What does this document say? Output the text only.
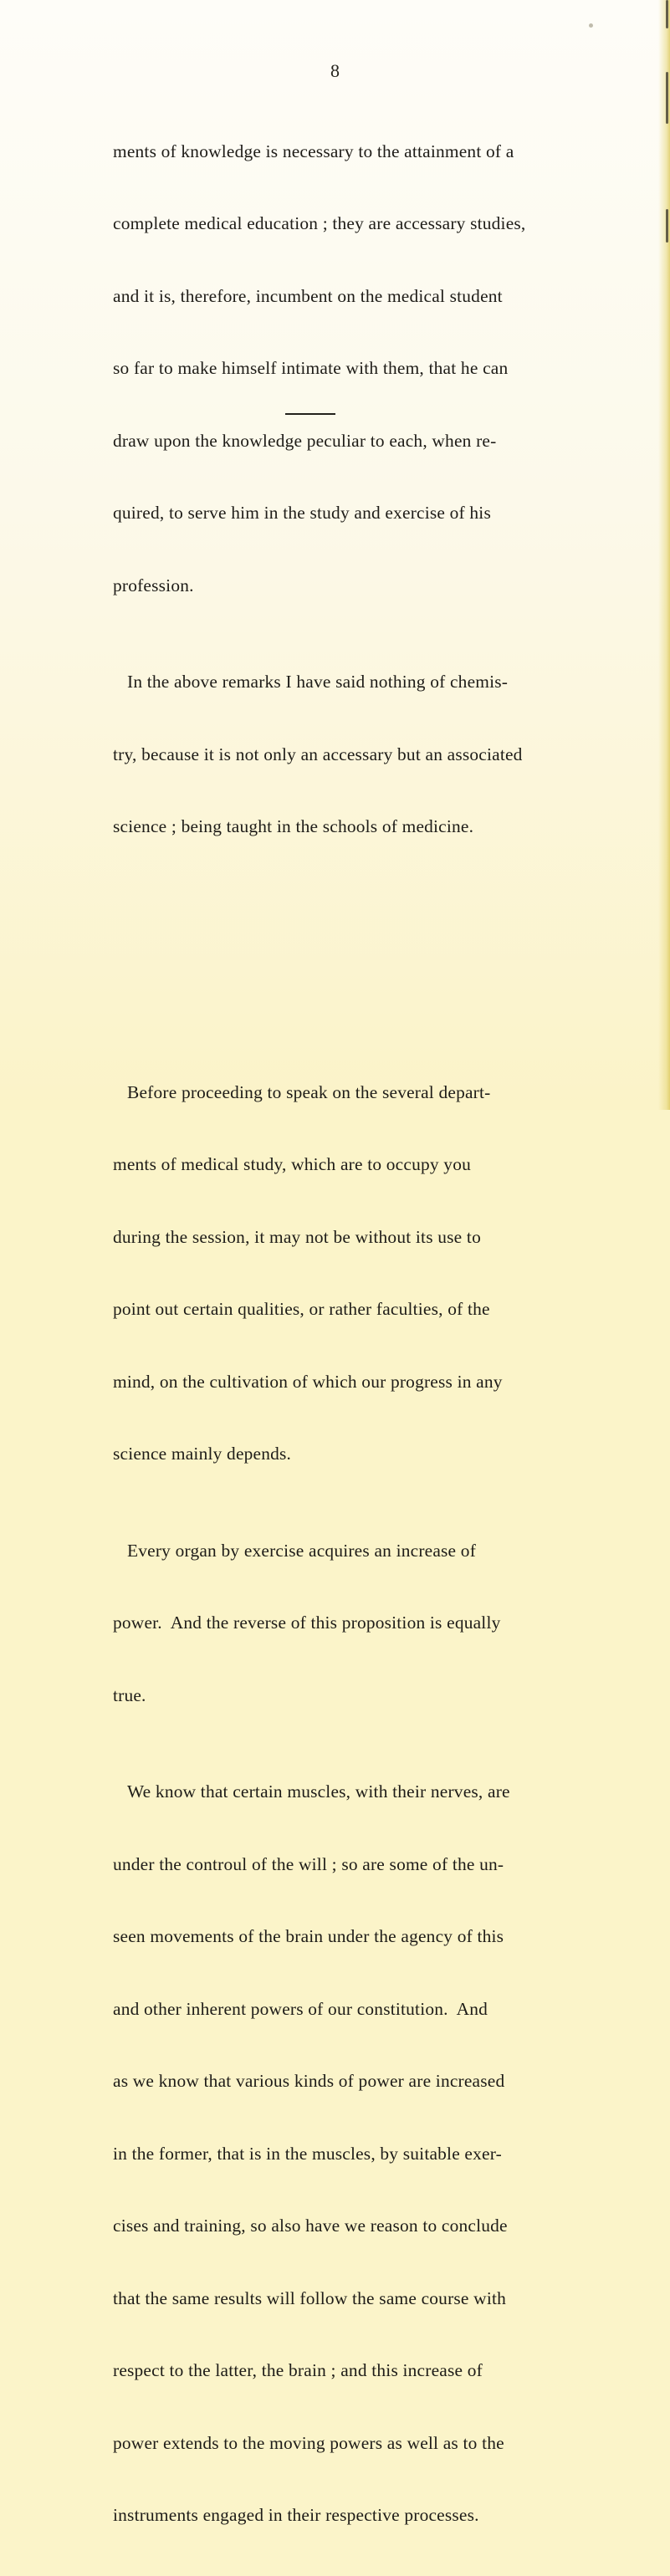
8

ments of knowledge is necessary to the attainment of a

complete medical education ; they are accessary studies,

and it is, therefore, incumbent on the medical student

so far to make himself intimate with them, that he can

draw upon the knowledge peculiar to each, when re-

quired, to serve him in the study and exercise of his

profession.

In the above remarks I have said nothing of chemis-

try, because it is not only an accessary but an associated

science ; being taught in the schools of medicine.

Before proceeding to speak on the several depart-

ments of medical study, which are to occupy you

during the session, it may not be without its use to

point out certain qualities, or rather faculties, of the

mind, on the cultivation of which our progress in any

science mainly depends.

Every organ by exercise acquires an increase of

power.  And the reverse of this proposition is equally

true.

We know that certain muscles, with their nerves, are

under the controul of the will ; so are some of the un-

seen movements of the brain under the agency of this

and other inherent powers of our constitution.  And

as we know that various kinds of power are increased

in the former, that is in the muscles, by suitable exer-

cises and training, so also have we reason to conclude

that the same results will follow the same course with

respect to the latter, the brain ; and this increase of

power extends to the moving powers as well as to the

instruments engaged in their respective processes.
